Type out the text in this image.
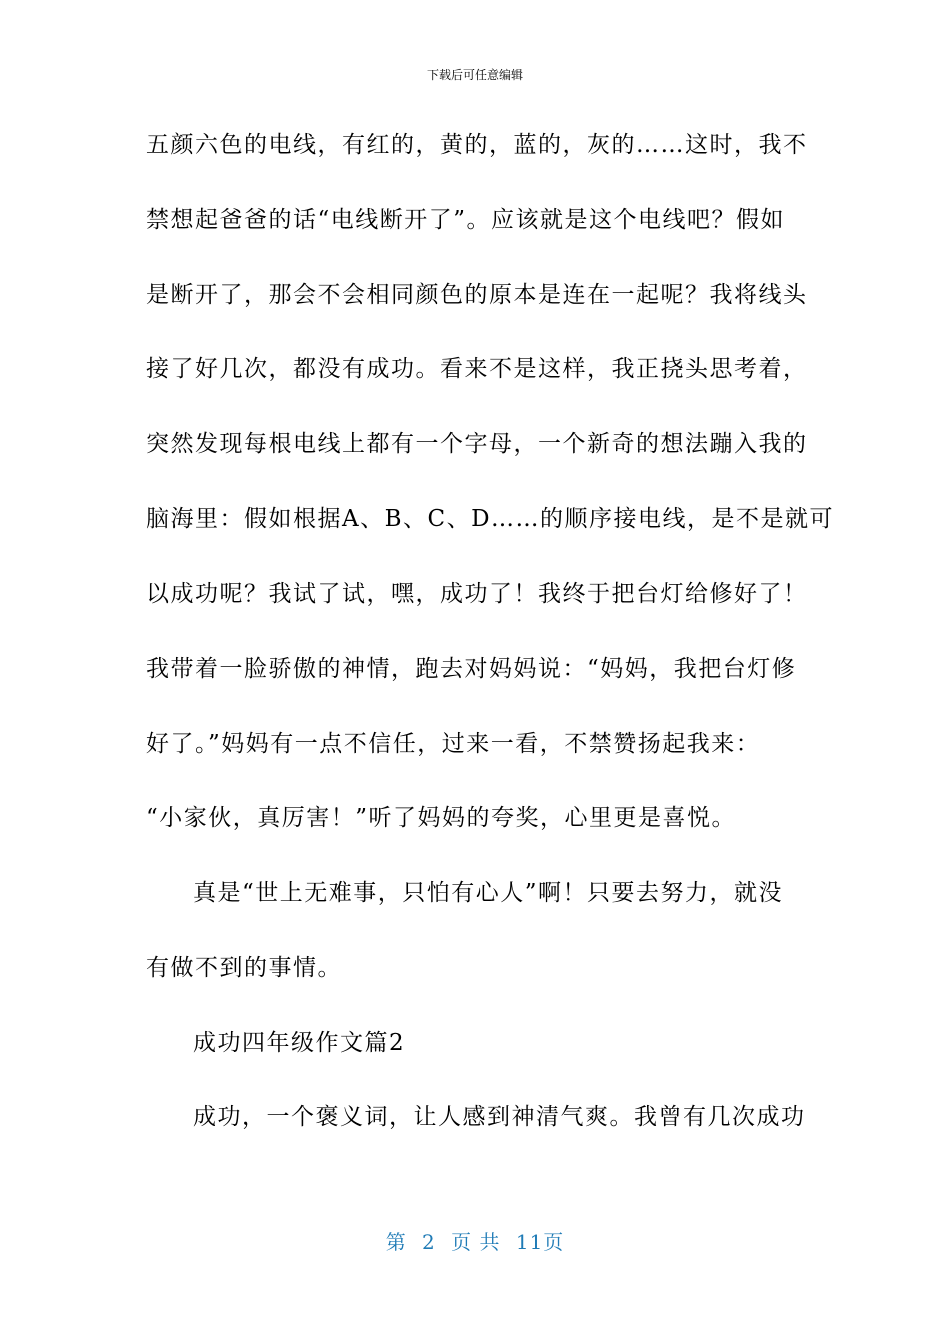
下载后可任意编辑
五颜六色的电线，有红的，黄的，蓝的，灰的……这时，我不
禁想起爸爸的话“电线断开了”。应该就是这个电线吧？假如
是断开了，那会不会相同颜色的原本是连在一起呢？我将线头
接了好几次，都没有成功。看来不是这样，我正挠头思考着，
突然发现每根电线上都有一个字母，一个新奇的想法蹦入我的
脑海里：假如根据A、B、C、D……的顺序接电线，是不是就可
以成功呢？我试了试，嘿，成功了！我终于把台灯给修好了！
我带着一脸骄傲的神情，跑去对妈妈说：“妈妈，我把台灯修
好了。”妈妈有一点不信任，过来一看，不禁赞扬起我来：
“小家伙，真厉害！”听了妈妈的夸奖，心里更是喜悦。
真是“世上无难事，只怕有心人”啊！只要去努力，就没
有做不到的事情。
成功四年级作文篇2
成功，一个褒义词，让人感到神清气爽。我曾有几次成功
第 2 页 共 11页
